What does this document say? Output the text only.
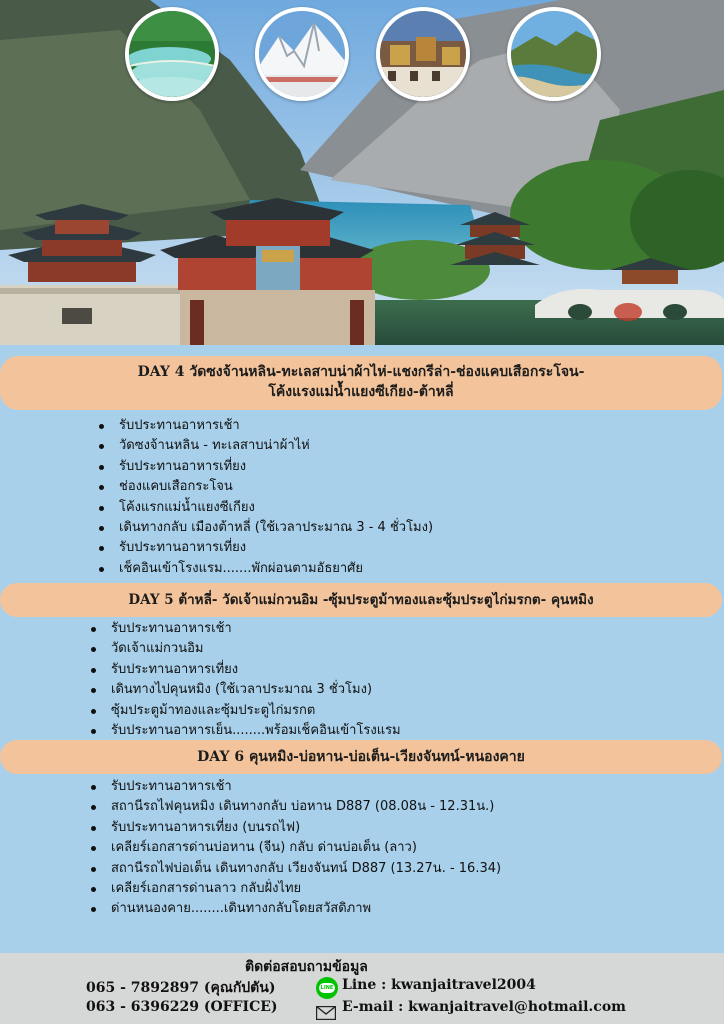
DAY 4 วัดซงจ้านหลิน-ทะเลสาบน่าผ้าไห่-แชงกรีล่า-ช่องแคบเสือกระโจน-
โค้งแรงแม่น้ำแยงซีเกียง-ต้าหลี่
รับประทานอาหารเช้า
วัดซงจ้านหลิน - ทะเลสาบน่าผ้าไห่
รับประทานอาหารเที่ยง
ช่องแคบเสือกระโจน
โค้งแรกแม่น้ำแยงซีเกียง
เดินทางกลับ เมืองต้าหลี่ (ใช้เวลาประมาณ 3 - 4 ชั่วโมง)
รับประทานอาหารเที่ยง
เช็คอินเข้าโรงแรม.......พักผ่อนตามอัธยาศัย
DAY 5 ต้าหลี่- วัดเจ้าแม่กวนอิม -ซุ้มประตูม้าทองและซุ้มประตูไก่มรกต- คุนหมิง
รับประทานอาหารเช้า
วัดเจ้าแม่กวนอิม
รับประทานอาหารเที่ยง
เดินทางไปคุนหมิง (ใช้เวลาประมาณ 3 ชั่วโมง)
ซุ้มประตูม้าทองและซุ้มประตูไก่มรกต
รับประทานอาหารเย็น........พร้อมเช็คอินเข้าโรงแรม
DAY 6 คุนหมิง-บ่อหาน-บ่อเต็น-เวียงจันทน์-หนองคาย
รับประทานอาหารเช้า
สถานีรถไฟคุนหมิง เดินทางกลับ บ่อหาน D887 (08.08น - 12.31น.)
รับประทานอาหารเที่ยง (บนรถไฟ)
เคลียร์เอกสารด่านบ่อหาน (จีน) กลับ ด่านบ่อเต็น (ลาว)
สถานีรถไฟบ่อเต็น เดินทางกลับ เวียงจันทน์ D887 (13.27น. - 16.34)
เคลียร์เอกสารด่านลาว กลับฝั่งไทย
ด่านหนองคาย........เดินทางกลับโดยสวัสดิภาพ
ติดต่อสอบถามข้อมูล
065 - 7892897 (คุณกัปตัน)
063 - 6396229 (OFFICE)
LINE Line : kwanjaitravel2004
E-mail : kwanjaitravel@hotmail.com
